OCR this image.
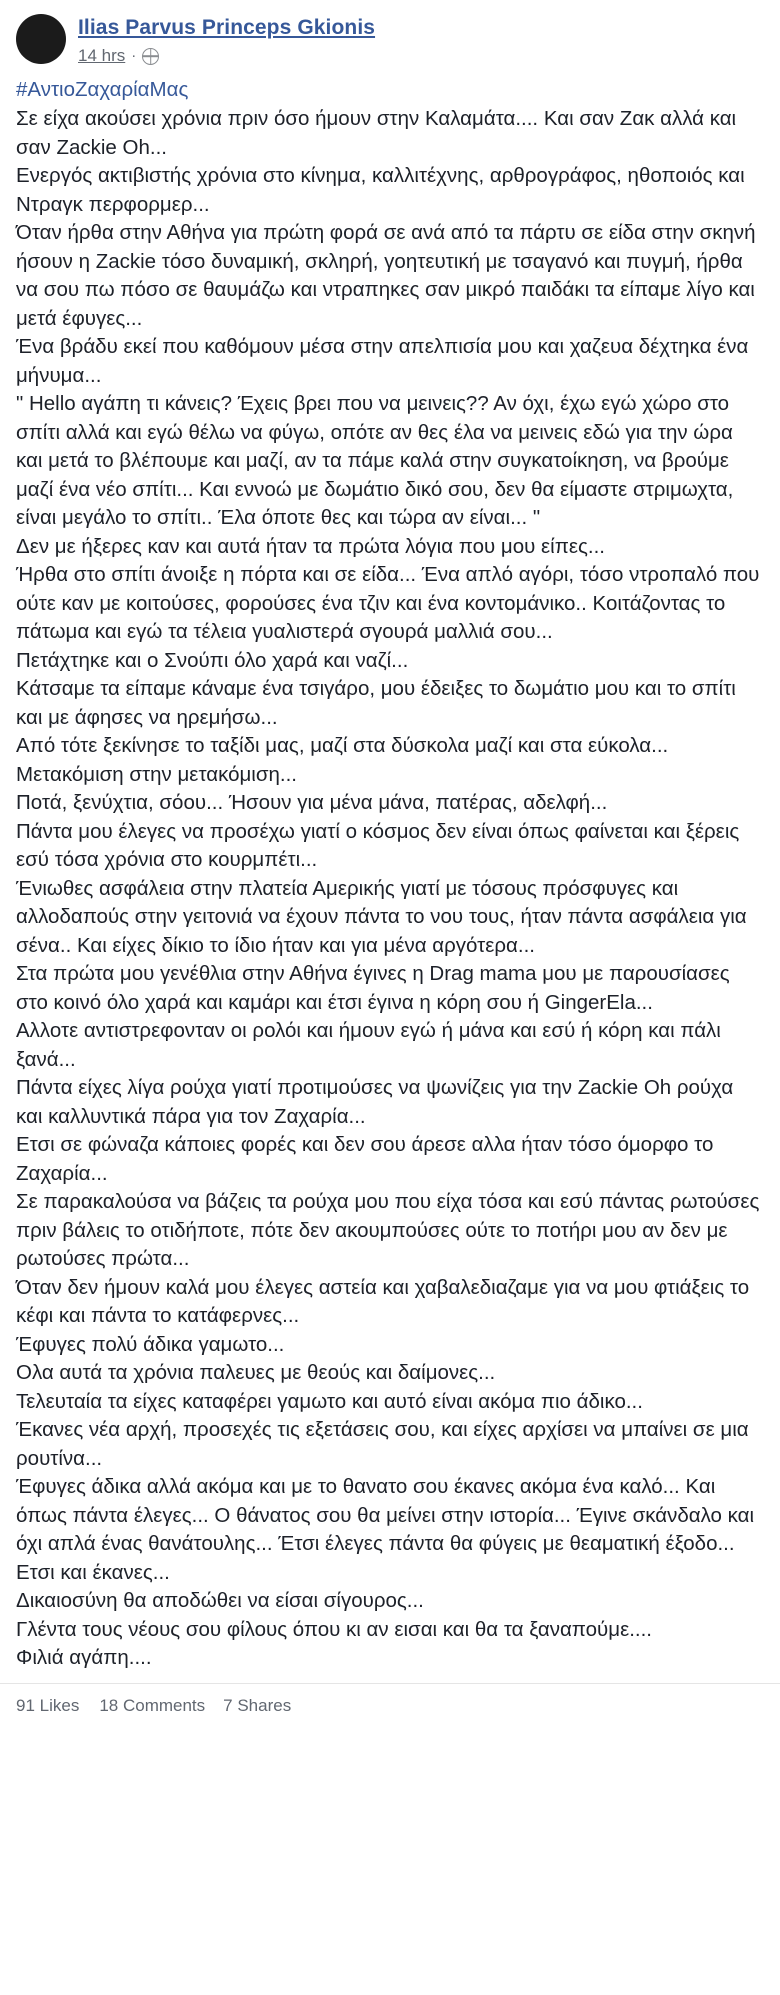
Ilias Parvus Princeps Gkionis
14 hrs ·
#ΑντιοΖαχαρίαΜας

Σε είχα ακούσει χρόνια πριν όσο ήμουν στην Καλαμάτα.... Και σαν Ζακ αλλά και σαν Zackie Oh...

Ενεργός ακτιβιστής χρόνια στο κίνημα, καλλιτέχνης, αρθρογράφος, ηθοποιός και Ντραγκ περφορμερ...

Όταν ήρθα στην Αθήνα για πρώτη φορά σε ανά από τα πάρτυ σε είδα στην σκηνή ήσουν η Zackie τόσο δυναμική, σκληρή, γοητευτική με τσαγανό και πυγμή, ήρθα να σου πω πόσο σε θαυμάζω και ντραπηκες σαν μικρό παιδάκι τα είπαμε λίγο και μετά έφυγες...

Ένα βράδυ εκεί που καθόμουν μέσα στην απελπισία μου και χαζευα δέχτηκα ένα μήνυμα...

" Hello αγάπη τι κάνεις? Έχεις βρει που να μεινεις?? Αν όχι, έχω εγώ χώρο στο σπίτι αλλά και εγώ θέλω να φύγω, οπότε αν θες έλα να μεινεις εδώ για την ώρα και μετά το βλέπουμε και μαζί, αν τα πάμε καλά στην συγκατοίκηση, να βρούμε μαζί ένα νέο σπίτι... Και εννοώ με δωμάτιο δικό σου, δεν θα είμαστε στριμωχτα, είναι μεγάλο το σπίτι.. Έλα όποτε θες και τώρα αν είναι... "

Δεν με ήξερες καν και αυτά ήταν τα πρώτα λόγια που μου είπες...

Ήρθα στο σπίτι άνοιξε η πόρτα και σε είδα... Ένα απλό αγόρι, τόσο ντροπαλό που ούτε καν με κοιτούσες, φορούσες ένα τζιν και ένα κοντομάνικο.. Κοιτάζοντας το πάτωμα και εγώ τα τέλεια γυαλιστερά σγουρά μαλλιά σου...

Πετάχτηκε και ο Σνούπι όλο χαρά και ναζί...

Κάτσαμε τα είπαμε κάναμε ένα τσιγάρο, μου έδειξες το δωμάτιο μου και το σπίτι και με άφησες να ηρεμήσω...

Από τότε ξεκίνησε το ταξίδι μας, μαζί στα δύσκολα μαζί και στα εύκολα... Μετακόμιση στην μετακόμιση...

Ποτά, ξενύχτια, σόου... Ήσουν για μένα μάνα, πατέρας, αδελφή...

Πάντα μου έλεγες να προσέχω γιατί ο κόσμος δεν είναι όπως φαίνεται και ξέρεις εσύ τόσα χρόνια στο κουρμπέτι...

Ένιωθες ασφάλεια στην πλατεία Αμερικής γιατί με τόσους πρόσφυγες και αλλοδαπούς στην γειτονιά να έχουν πάντα το νου τους, ήταν πάντα ασφάλεια για σένα.. Και είχες δίκιο το ίδιο ήταν και για μένα αργότερα...

Στα πρώτα μου γενέθλια στην Αθήνα έγινες η Drag mama μου με παρουσίασες στο κοινό όλο χαρά και καμάρι και έτσι έγινα η κόρη σου ή GingerEla...

Αλλοτε αντιστρεφονταν οι ρολόι και ήμουν εγώ ή μάνα και εσύ ή κόρη και πάλι ξανά...

Πάντα είχες λίγα ρούχα γιατί προτιμούσες να ψωνίζεις για την Zackie Oh ρούχα και καλλυντικά πάρα για τον Ζαχαρία...

Ετσι σε φώναζα κάποιες φορές και δεν σου άρεσε αλλα ήταν τόσο όμορφο το Ζαχαρία...

Σε παρακαλούσα να βάζεις τα ρούχα μου που είχα τόσα και εσύ πάντας ρωτούσες πριν βάλεις το οτιδήποτε, πότε δεν ακουμπούσες ούτε το ποτήρι μου αν δεν με ρωτούσες πρώτα...

Όταν δεν ήμουν καλά μου έλεγες αστεία και χαβαλεδιαζαμε για να μου φτιάξεις το κέφι και πάντα το κατάφερνες...

Έφυγες πολύ άδικα γαμωτο...

Ολα αυτά τα χρόνια παλευες με θεούς και δαίμονες...

Τελευταία τα είχες καταφέρει γαμωτο και αυτό είναι ακόμα πιο άδικο...

Έκανες νέα αρχή, προσεχές τις εξετάσεις σου, και είχες αρχίσει να μπαίνει σε μια ρουτίνα...

Έφυγες άδικα αλλά ακόμα και με το θανατο σου έκανες ακόμα ένα καλό... Και όπως πάντα έλεγες... Ο θάνατος σου θα μείνει στην ιστορία... Έγινε σκάνδαλο και όχι απλά ένας θανάτουλης... Έτσι έλεγες πάντα θα φύγεις με θεαματική έξοδο...

Ετσι και έκανες...

Δικαιοσύνη θα αποδώθει να είσαι σίγουρος...

Γλέντα τους νέους σου φίλους όπου κι αν εισαι και θα τα ξαναπούμε....

Φιλιά αγάπη....

91 Likes 18 Comments 7 Shares
